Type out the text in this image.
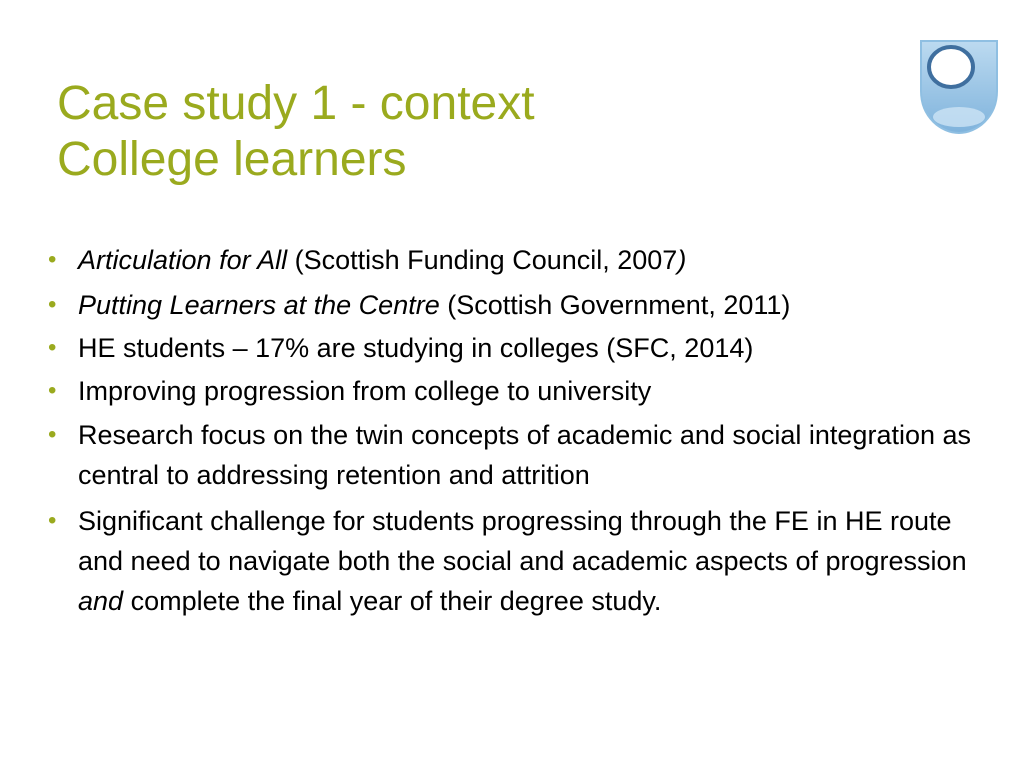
Case study 1 - context
College learners
• Articulation for All (Scottish Funding Council, 2007)
• Putting Learners at the Centre (Scottish Government, 2011)
• HE students – 17% are studying in colleges (SFC, 2014)
• Improving progression from college to university
• Research focus on the twin concepts of academic and social integration as central to addressing retention and attrition
• Significant challenge for students progressing through the FE in HE route and need to navigate both the social and academic aspects of progression and complete the final year of their degree study.
